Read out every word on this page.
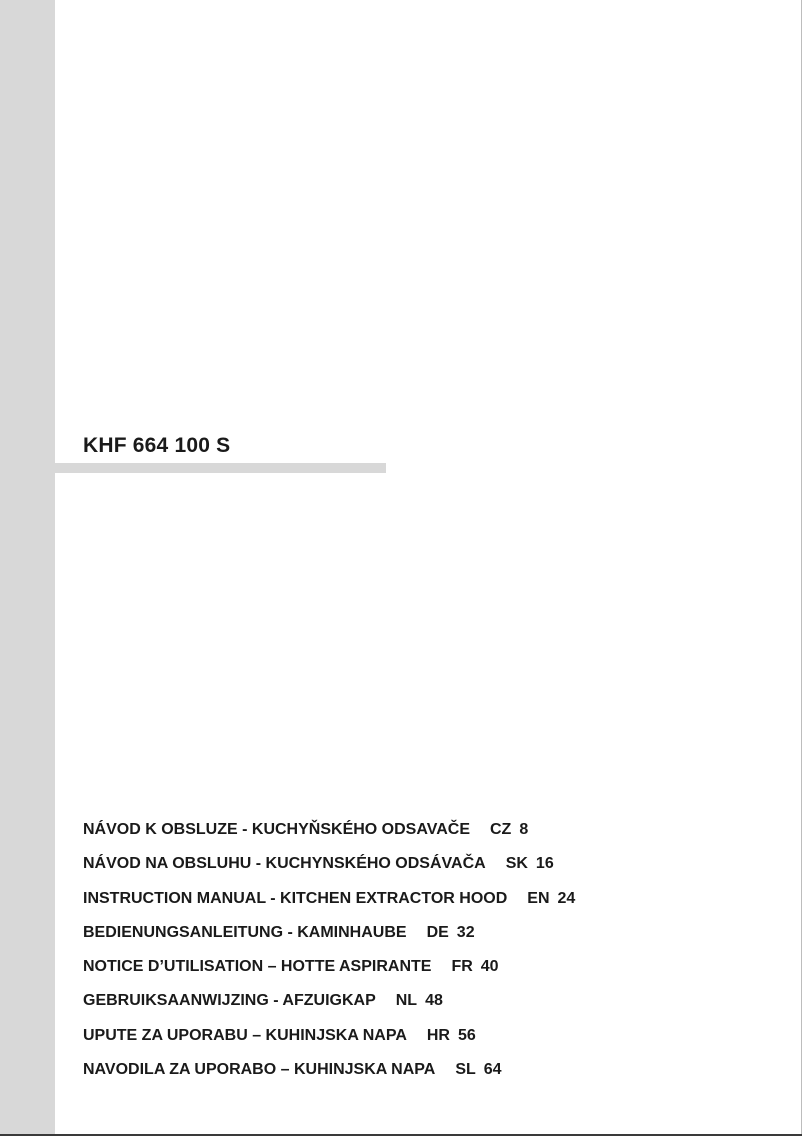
KHF 664 100 S
NÁVOD K OBSLUZE - KUCHYŇSKÉHO ODSAVAČE CZ 8
NÁVOD NA OBSLUHU - KUCHYNSKÉHO ODSÁVAČA SK 16
INSTRUCTION MANUAL - KITCHEN EXTRACTOR HOOD EN 24
BEDIENUNGSANLEITUNG - KAMINHAUBE DE 32
NOTICE D’UTILISATION – HOTTE ASPIRANTE FR 40
GEBRUIKSAANWIJZING - AFZUIGKAP NL 48
UPUTE ZA UPORABU – KUHINJSKA NAPA HR 56
NAVODILA ZA UPORABO – KUHINJSKA NAPA SL 64
